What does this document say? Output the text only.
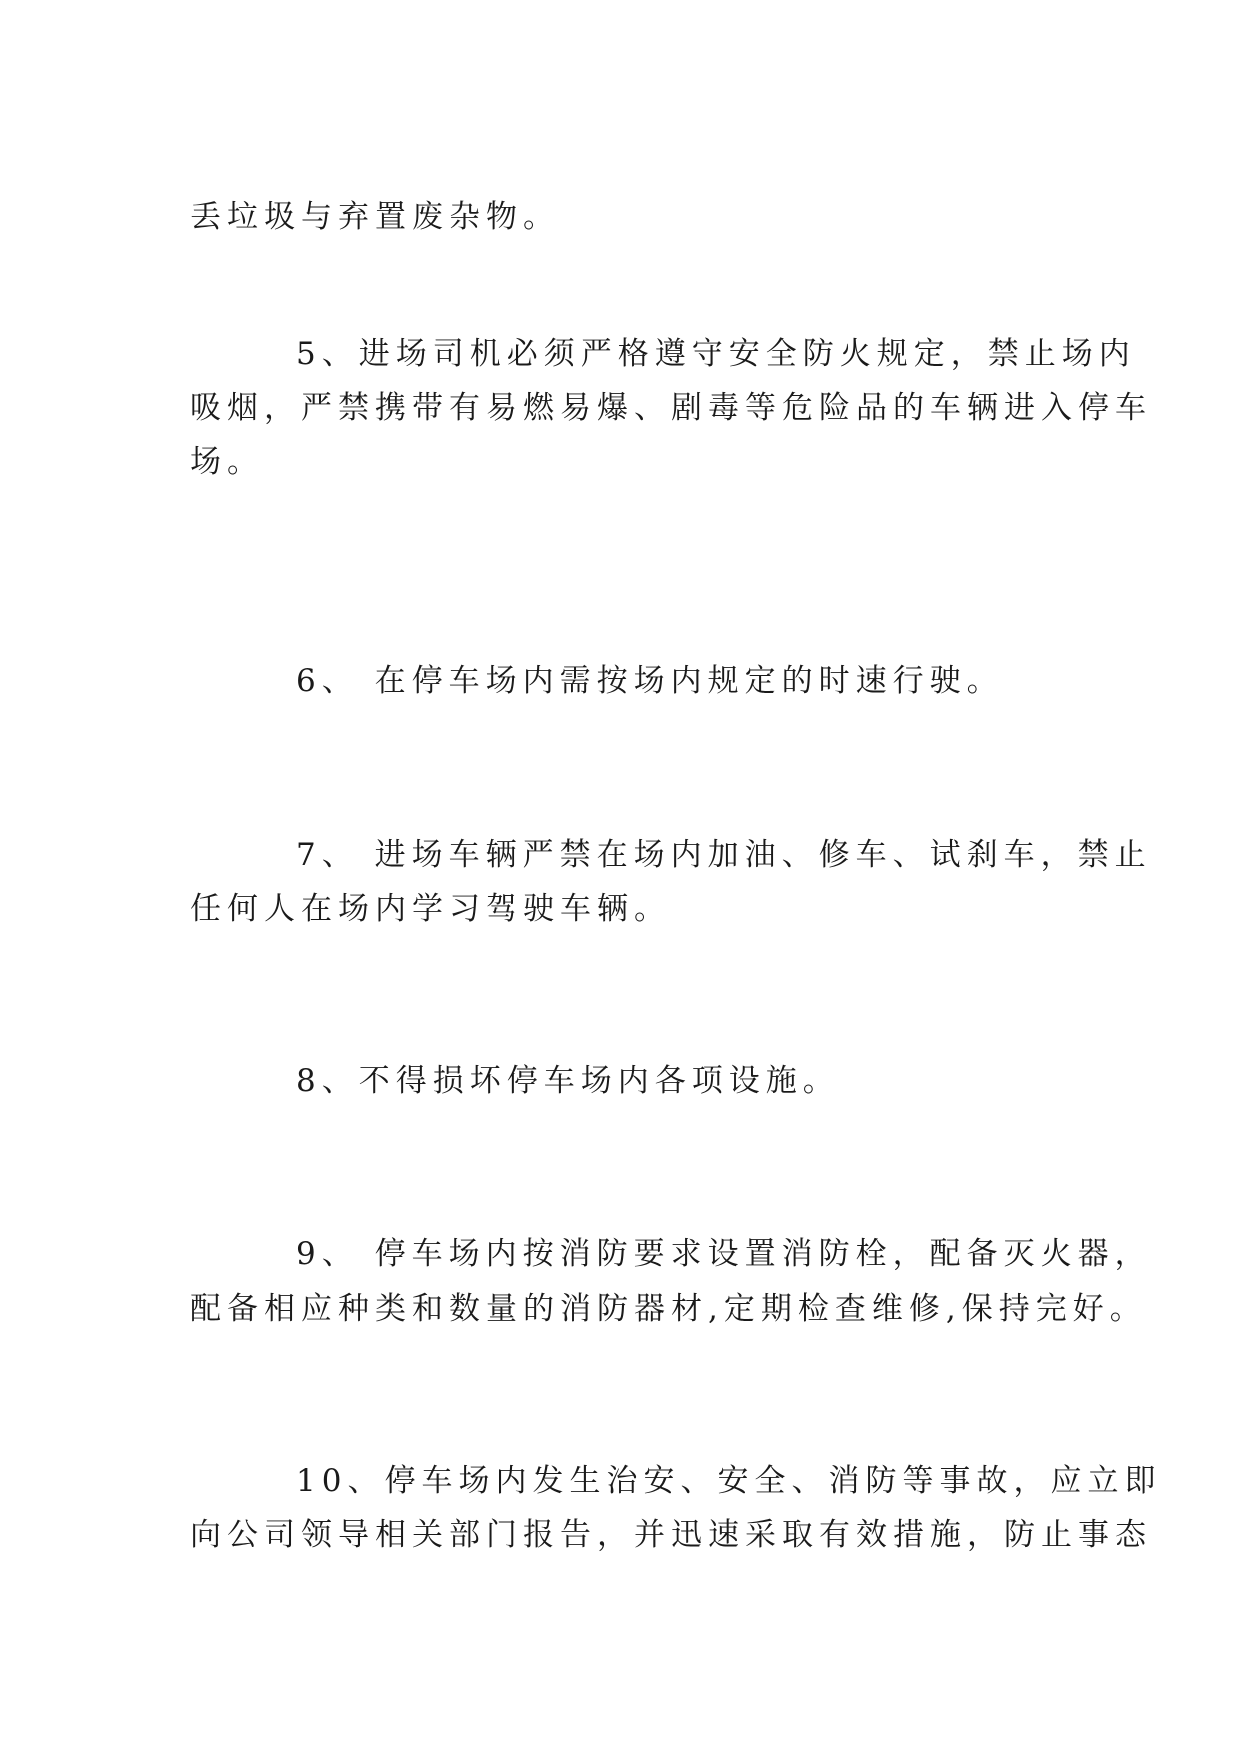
丢垃圾与弃置废杂物。

5、进场司机必须严格遵守安全防火规定，禁止场内

吸烟，严禁携带有易燃易爆、剧毒等危险品的车辆进入停车

场。

6、 在停车场内需按场内规定的时速行驶。

7、 进场车辆严禁在场内加油、修车、试刹车，禁止

任何人在场内学习驾驶车辆。

8、不得损坏停车场内各项设施。

9、 停车场内按消防要求设置消防栓，配备灭火器，

配备相应种类和数量的消防器材,定期检查维修,保持完好。

10、停车场内发生治安、安全、消防等事故，应立即

向公司领导相关部门报告，并迅速采取有效措施，防止事态
